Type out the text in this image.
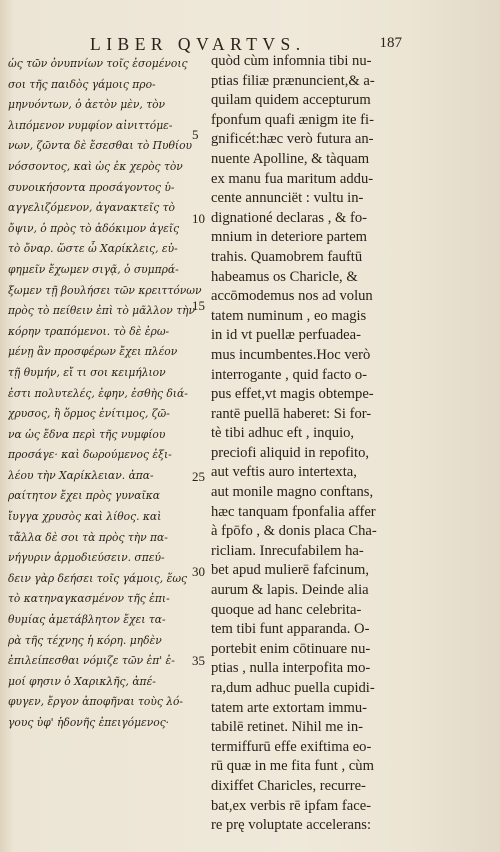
LIBER QVARTVS.	187
ὡς τῶν ὀνυπνίων τοῖς ἐσομένοις
σοι τῆς παιδὸς γάμοις προ-
μηνυόντων, ὁ ἀετὸν μὲν, τὸν
λιπόμενον νυμφίον αἰνιττόμε-
νων, ζῶντα δὲ ἔσεσθαι τὸ Πυθίου
νόσσοντος, καὶ ὡς ἐκ χερὸς τὸν
συνοικήσοντα προσάγοντος ὑ-
αγγελιζόμενον, ἀγανακτεῖς τὸ
ὄψιν, ὁ πρὸς τὸ ἀδόκιμον ἀγεῖς
τὸ ὄναρ. ὥστε ὦ Χαρίκλεις, εὐ-
φημεῖν ἔχωμεν σιγᾷ, ὁ συμπρά-
ξωμεν τῇ βουλήσει τῶν κρειττόνων
πρὸς τὸ πείθειν ἐπὶ τὸ μᾶλλον τὴν
κόρην τραπόμενοι. τὸ δὲ ἐρω-
μένῃ ἃν προσφέρων ἔχει πλέον
τῇ θυμήν, εἴ τι σοι κειμήλιον
ἐστι πολυτελές, ἐφην, ἐσθὴς διά-
χρυσος, ἢ ὅρμος ἐνίτιμος, ζῶ-
να ὡς ἔδνα περὶ τῆς νυμφίου
προσάγε· καὶ δωρούμενος ἐξι-
λέου τὴν Χαρίκλειαν. ἀπα-
ραίτητον ἔχει πρὸς γυναῖκα
ἴυγγα χρυσὸς καὶ λίθος. καὶ
τἄλλα δὲ σοι τὰ πρὸς τὴν πα-
νήγυριν ἁρμοδιεύσειν. σπεύ-
δειν γὰρ δεήσει τοῖς γάμοις, ἕως
τὸ κατηναγκασμένον τῆς ἐπι-
θυμίας ἀμετάβλητον ἔχει τα-
ρὰ τῆς τέχνης ἡ κόρη. μηδὲν
ἐπιλείπεσθαι νόμιζε τῶν ἐπ' ἐ-
μοί φησιν ὁ Χαρικλῆς, ἀπέ-
φυγεν, ἔργον ἀποφῆναι τοὺς λό-
γους ὑφ' ἡδονῆς ἐπειγόμενος·
5
10
15
25
30
35
quòd cùm infomnia tibi nu-
ptias filiæ prænuncient,& a-
quilam quidem accepturum
fponfum quafi ænigm ite fi-
gnificét:hæc verò futura an-
nuente Apolline, & tàquam
ex manu fua maritum addu-
cente annunciët : vultu in-
dignationé declaras , & fo-
mnium in deteriore partem
trahis. Quamobrem fauftū
habeamus os Charicle, &
accōmodemus nos ad volun
tatem numinum , eo magis
in id vt puellæ perfuadea-
mus incumbentes.Hoc verò
interrogante , quid facto o-
pus effet,vt magis obtempe-
rantē puellā haberet: Si for-
tè tibi adhuc eft , inquio,
preciofi aliquid in repofito,
aut veftis auro intertexta,
aut monile magno conftans,
hæc tanquam fponfalia affer
à fpōfo , & donis placa Cha-
ricliam. Inrecufabilem ha-
bet apud mulierē fafcinum,
aurum & lapis. Deinde alia
quoque ad hanc celebrita-
tem tibi funt apparanda. O-
portebit enim cōtinuare nu-
ptias , nulla interpofita mo-
ra,dum adhuc puella cupidi-
tatem arte extortam immu-
tabilē retinet. Nihil me in-
termiffurū effe exiftima eo-
rū quæ in me fita funt , cùm
dixiffet Charicles, recurre-
bat,ex verbis rē ipfam face-
re prę voluptate accelerans:
